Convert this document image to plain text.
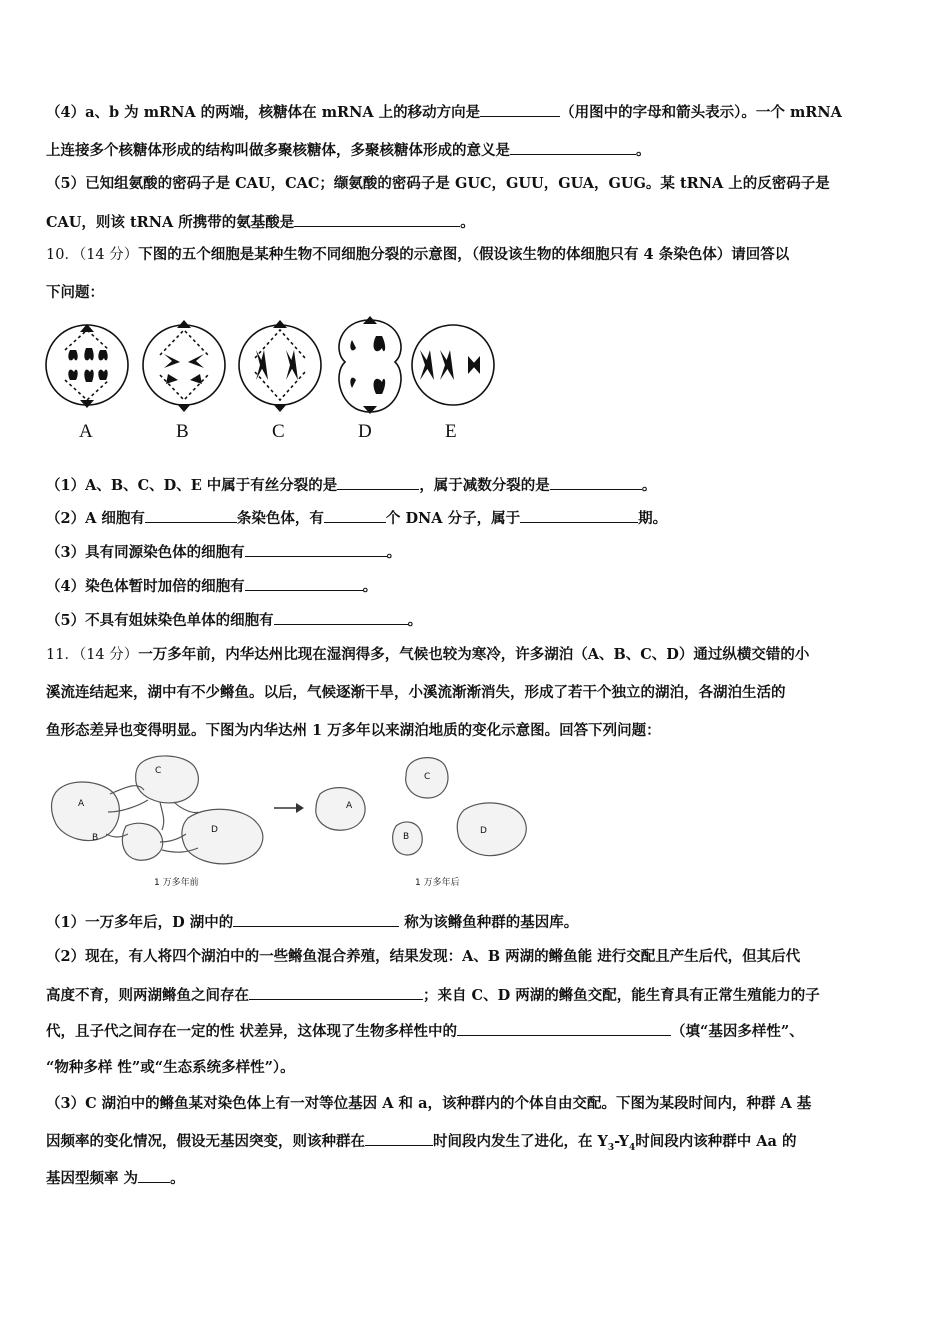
（4）a、b 为 mRNA 的两端，核糖体在 mRNA 上的移动方向是	（用图中的字母和箭头表示）。一个 mRNA
上连接多个核糖体形成的结构叫做多聚核糖体，多聚核糖体形成的意义是	。
（5）已知组氨酸的密码子是 CAU，CAC；缬氨酸的密码子是 GUC，GUU，GUA，GUG。某 tRNA 上的反密码子是
CAU，则该 tRNA 所携带的氨基酸是	。
10．（14 分）下图的五个细胞是某种生物不同细胞分裂的示意图，（假设该生物的体细胞只有 4 条染色体）请回答以
下问题：
A	B	C	D	E
（1）A、B、C、D、E 中属于有丝分裂的是	，属于减数分裂的是	。
（2）A 细胞有	条染色体，有	个 DNA 分子，属于	期。
（3）具有同源染色体的细胞有	。
（4）染色体暂时加倍的细胞有	。
（5）不具有姐妹染色单体的细胞有	。
11．（14 分）一万多年前，内华达州比现在湿润得多，气候也较为寒冷，许多湖泊（A、B、C、D）通过纵横交错的小
溪流连结起来，湖中有不少鳉鱼。以后，气候逐渐干旱，小溪流渐渐消失，形成了若干个独立的湖泊，各湖泊生活的
鱼形态差异也变得明显。下图为内华达州 1 万多年以来湖泊地质的变化示意图。回答下列问题：
A
B
C
D
A
B
C
D
1 万多年前	1 万多年后
（1）一万多年后，D 湖中的	称为该鳉鱼种群的基因库。
（2）现在，有人将四个湖泊中的一些鳉鱼混合养殖，结果发现：A、B 两湖的鳉鱼能 进行交配且产生后代，但其后代
高度不育，则两湖鳉鱼之间存在	；来自 C、D 两湖的鳉鱼交配，能生育具有正常生殖能力的子
代，且子代之间存在一定的性 状差异，这体现了生物多样性中的	（填“基因多样性”、
“物种多样 性”或“生态系统多样性”）。
（3）C 湖泊中的鳉鱼某对染色体上有一对等位基因 A 和 a，该种群内的个体自由交配。下图为某段时间内，种群 A 基
因频率的变化情况，假设无基因突变，则该种群在	时间段内发生了进化，在 $Y_3-Y_4$时间段内该种群中 Aa 的
基因型频率 为 。
